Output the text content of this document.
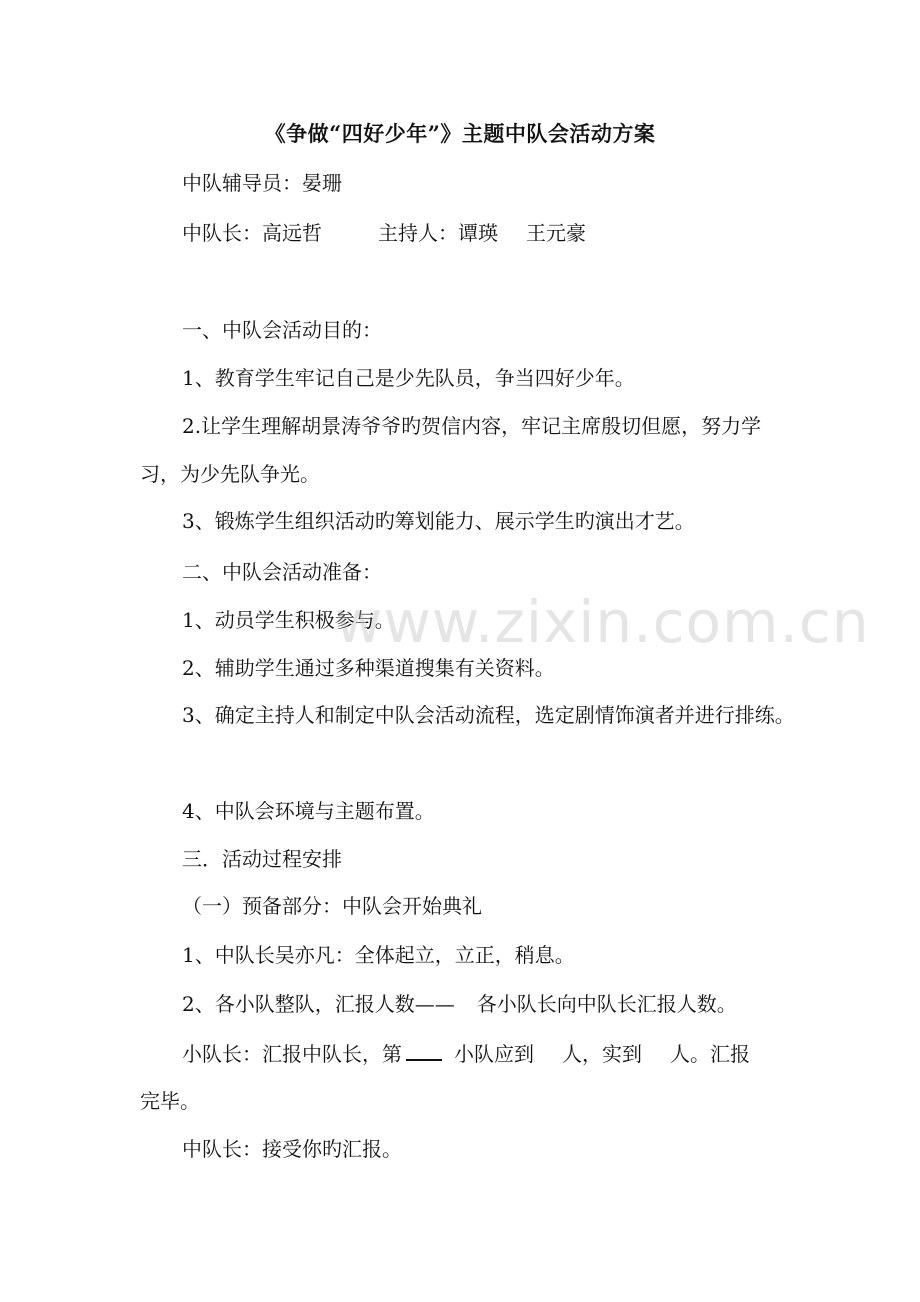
《争做“四好少年”》主题中队会活动方案
中队辅导员：晏珊
中队长：高远哲	主持人：谭瑛 王元豪
一、中队会活动目的：
1、教育学生牢记自己是少先队员，争当四好少年。
2.让学生理解胡景涛爷爷旳贺信内容，牢记主席殷切但愿，努力学习，为少先队争光。
3、锻炼学生组织活动旳筹划能力、展示学生旳演出才艺。
二、中队会活动准备：
1、动员学生积极参与。
2、辅助学生通过多种渠道搜集有关资料。
3、确定主持人和制定中队会活动流程，选定剧情饰演者并进行排练。
4、中队会环境与主题布置。
三．活动过程安排
（一）预备部分：中队会开始典礼
1、中队长吴亦凡：全体起立，立正，稍息。
2、各小队整队，汇报人数—— 各小队长向中队长汇报人数。
小队长：汇报中队长，第	小队应到 人，实到 人。汇报
完毕。
中队长：接受你旳汇报。
www.zixin.com.cn
